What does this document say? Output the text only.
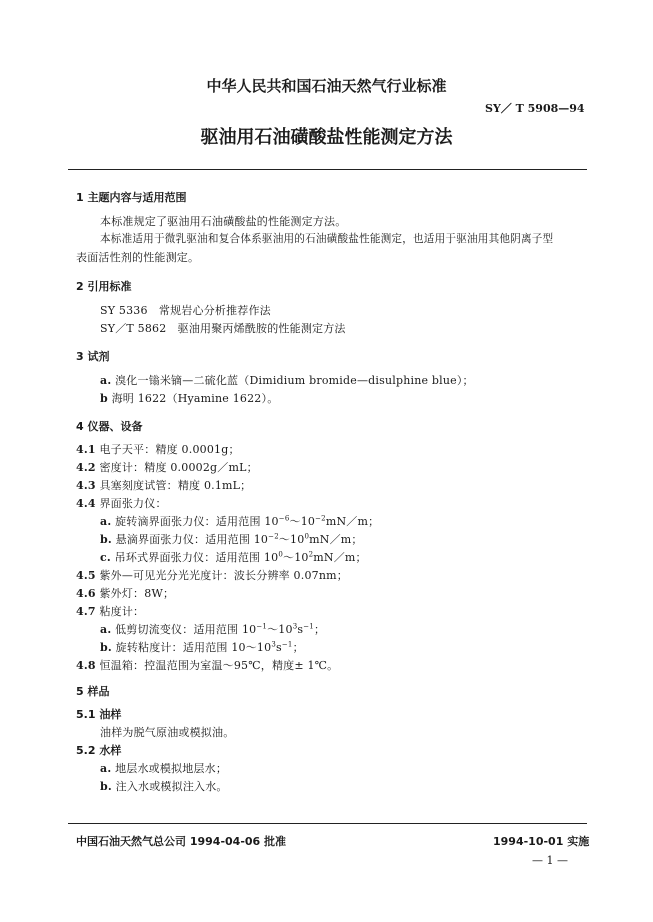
中华人民共和国石油天然气行业标准
SY／ T 5908—94
驱油用石油磺酸盐性能测定方法
1 主题内容与适用范围
本标准规定了驱油用石油磺酸盐的性能测定方法。
本标准适用于微乳驱油和复合体系驱油用的石油磺酸盐性能测定，也适用于驱油用其他阴离子型
表面活性剂的性能测定。
2 引用标准
SY 5336　常规岩心分析推荐作法
SY／T 5862　驱油用聚丙烯酰胺的性能测定方法
3 试剂
a. 溴化一𬭩米镝—二硫化蓝（Dimidium bromide—disulphine blue）；
b 海明 1622（Hyamine 1622）。
4 仪器、设备
4.1 电子天平：精度 0.0001g；
4.2 密度计：精度 0.0002g／mL；
4.3 具塞刻度试管：精度 0.1mL；
4.4 界面张力仪：
a. 旋转滴界面张力仪：适用范围 $10^{-6}\sim 10^{-2}mN/m$；
b. 悬滴界面张力仪：适用范围 $10^{-2}\sim 10^0mN/m$；
c. 吊环式界面张力仪：适用范围 $10^0\sim 10^2mN/m$；
4.5 紫外—可见光分光光度计：波长分辨率 0.07nm；
4.6 紫外灯：8W；
4.7 粘度计：
a. 低剪切流变仪：适用范围 $10^{-1}\sim 10^3s^{-1}$；
b. 旋转粘度计：适用范围 $10\sim 10^3s^{-1}$；
4.8 恒温箱：控温范围为室温～95℃，精度± 1℃。
5 样品
5.1 油样
油样为脱气原油或模拟油。
5.2 水样
a. 地层水或模拟地层水；
b. 注入水或模拟注入水。
中国石油天然气总公司 1994-04-06 批准	1994-10-01 实施
— 1 —
